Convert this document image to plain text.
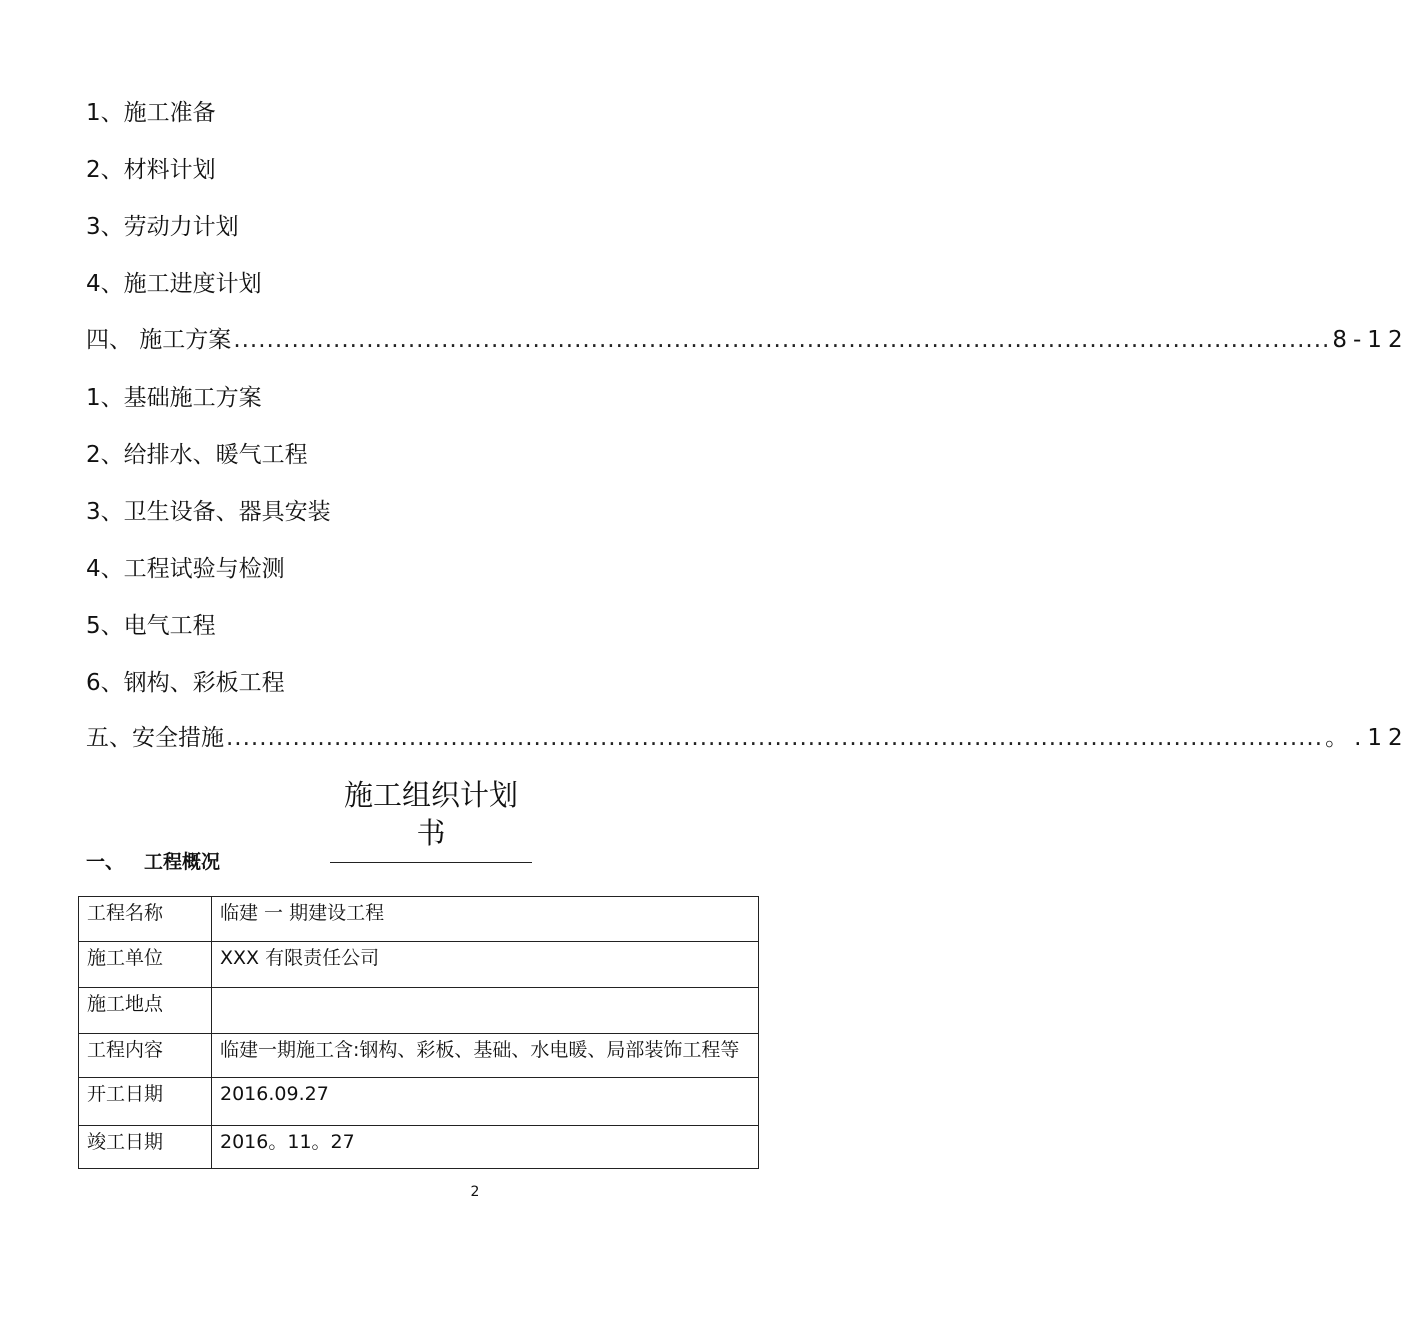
1、施工准备
2、材料计划
3、劳动力计划
4、施工进度计划
四、 施工方案 .................................................................................................................................... 8-12
1、基础施工方案
2、给排水、暖气工程
3、卫生设备、器具安装
4、工程试验与检测
5、电气工程
6、钢构、彩板工程
五、安全措施 .................................................................................................................................... 。.12
施工组织计划书
一、 工程概况
工程名称	临建 一 期建设工程
施工单位	XXX 有限责任公司
施工地点	
工程内容	临建一期施工含:钢构、彩板、基础、水电暖、局部装饰工程等
开工日期	2016.09.27
竣工日期	2016。11。27
2
